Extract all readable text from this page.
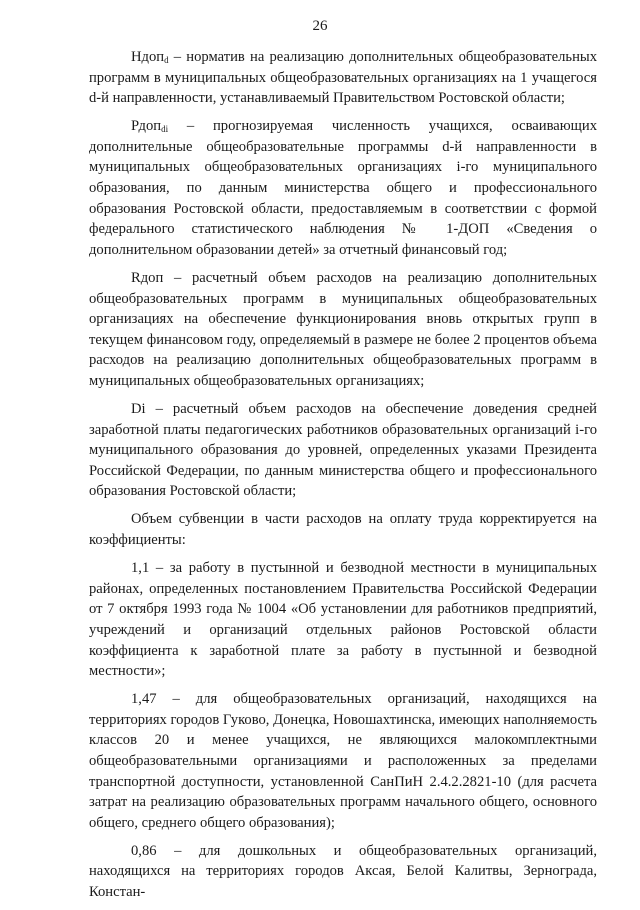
26

Ндоп$_d$ – норматив на реализацию дополнительных общеобразовательных программ в муниципальных общеобразовательных организациях на 1 учащегося d-й направленности, устанавливаемый Правительством Ростовской области;

Рдоп$_{di}$ – прогнозируемая численность учащихся, осваивающих дополнительные общеобразовательные программы d-й направленности в муниципальных общеобразовательных организациях i-го муниципального образования, по данным министерства общего и профессионального образования Ростовской области, предоставляемым в соответствии с формой федерального статистического наблюдения № 1-ДОП «Сведения о дополнительном образовании детей» за отчетный финансовый год;

Rдоп – расчетный объем расходов на реализацию дополнительных общеобразовательных программ в муниципальных общеобразовательных организациях на обеспечение функционирования вновь открытых групп в текущем финансовом году, определяемый в размере не более 2 процентов объема расходов на реализацию дополнительных общеобразовательных программ в муниципальных общеобразовательных организациях;

Di – расчетный объем расходов на обеспечение доведения средней заработной платы педагогических работников образовательных организаций i-го муниципального образования до уровней, определенных указами Президента Российской Федерации, по данным министерства общего и профессионального образования Ростовской области;

Объем субвенции в части расходов на оплату труда корректируется на коэффициенты:

1,1 – за работу в пустынной и безводной местности в муниципальных районах, определенных постановлением Правительства Российской Федерации от 7 октября 1993 года № 1004 «Об установлении для работников предприятий, учреждений и организаций отдельных районов Ростовской области коэффициента к заработной плате за работу в пустынной и безводной местности»;

1,47 – для общеобразовательных организаций, находящихся на территориях городов Гуково, Донецка, Новошахтинска, имеющих наполняемость классов 20 и менее учащихся, не являющихся малокомплектными общеобразовательными организациями и расположенных за пределами транспортной доступности, установленной СанПиН 2.4.2.2821-10 (для расчета затрат на реализацию образовательных программ начального общего, основного общего, среднего общего образования);

0,86 – для дошкольных и общеобразовательных организаций, находящихся на территориях городов Аксая, Белой Калитвы, Зернограда, Констан-
